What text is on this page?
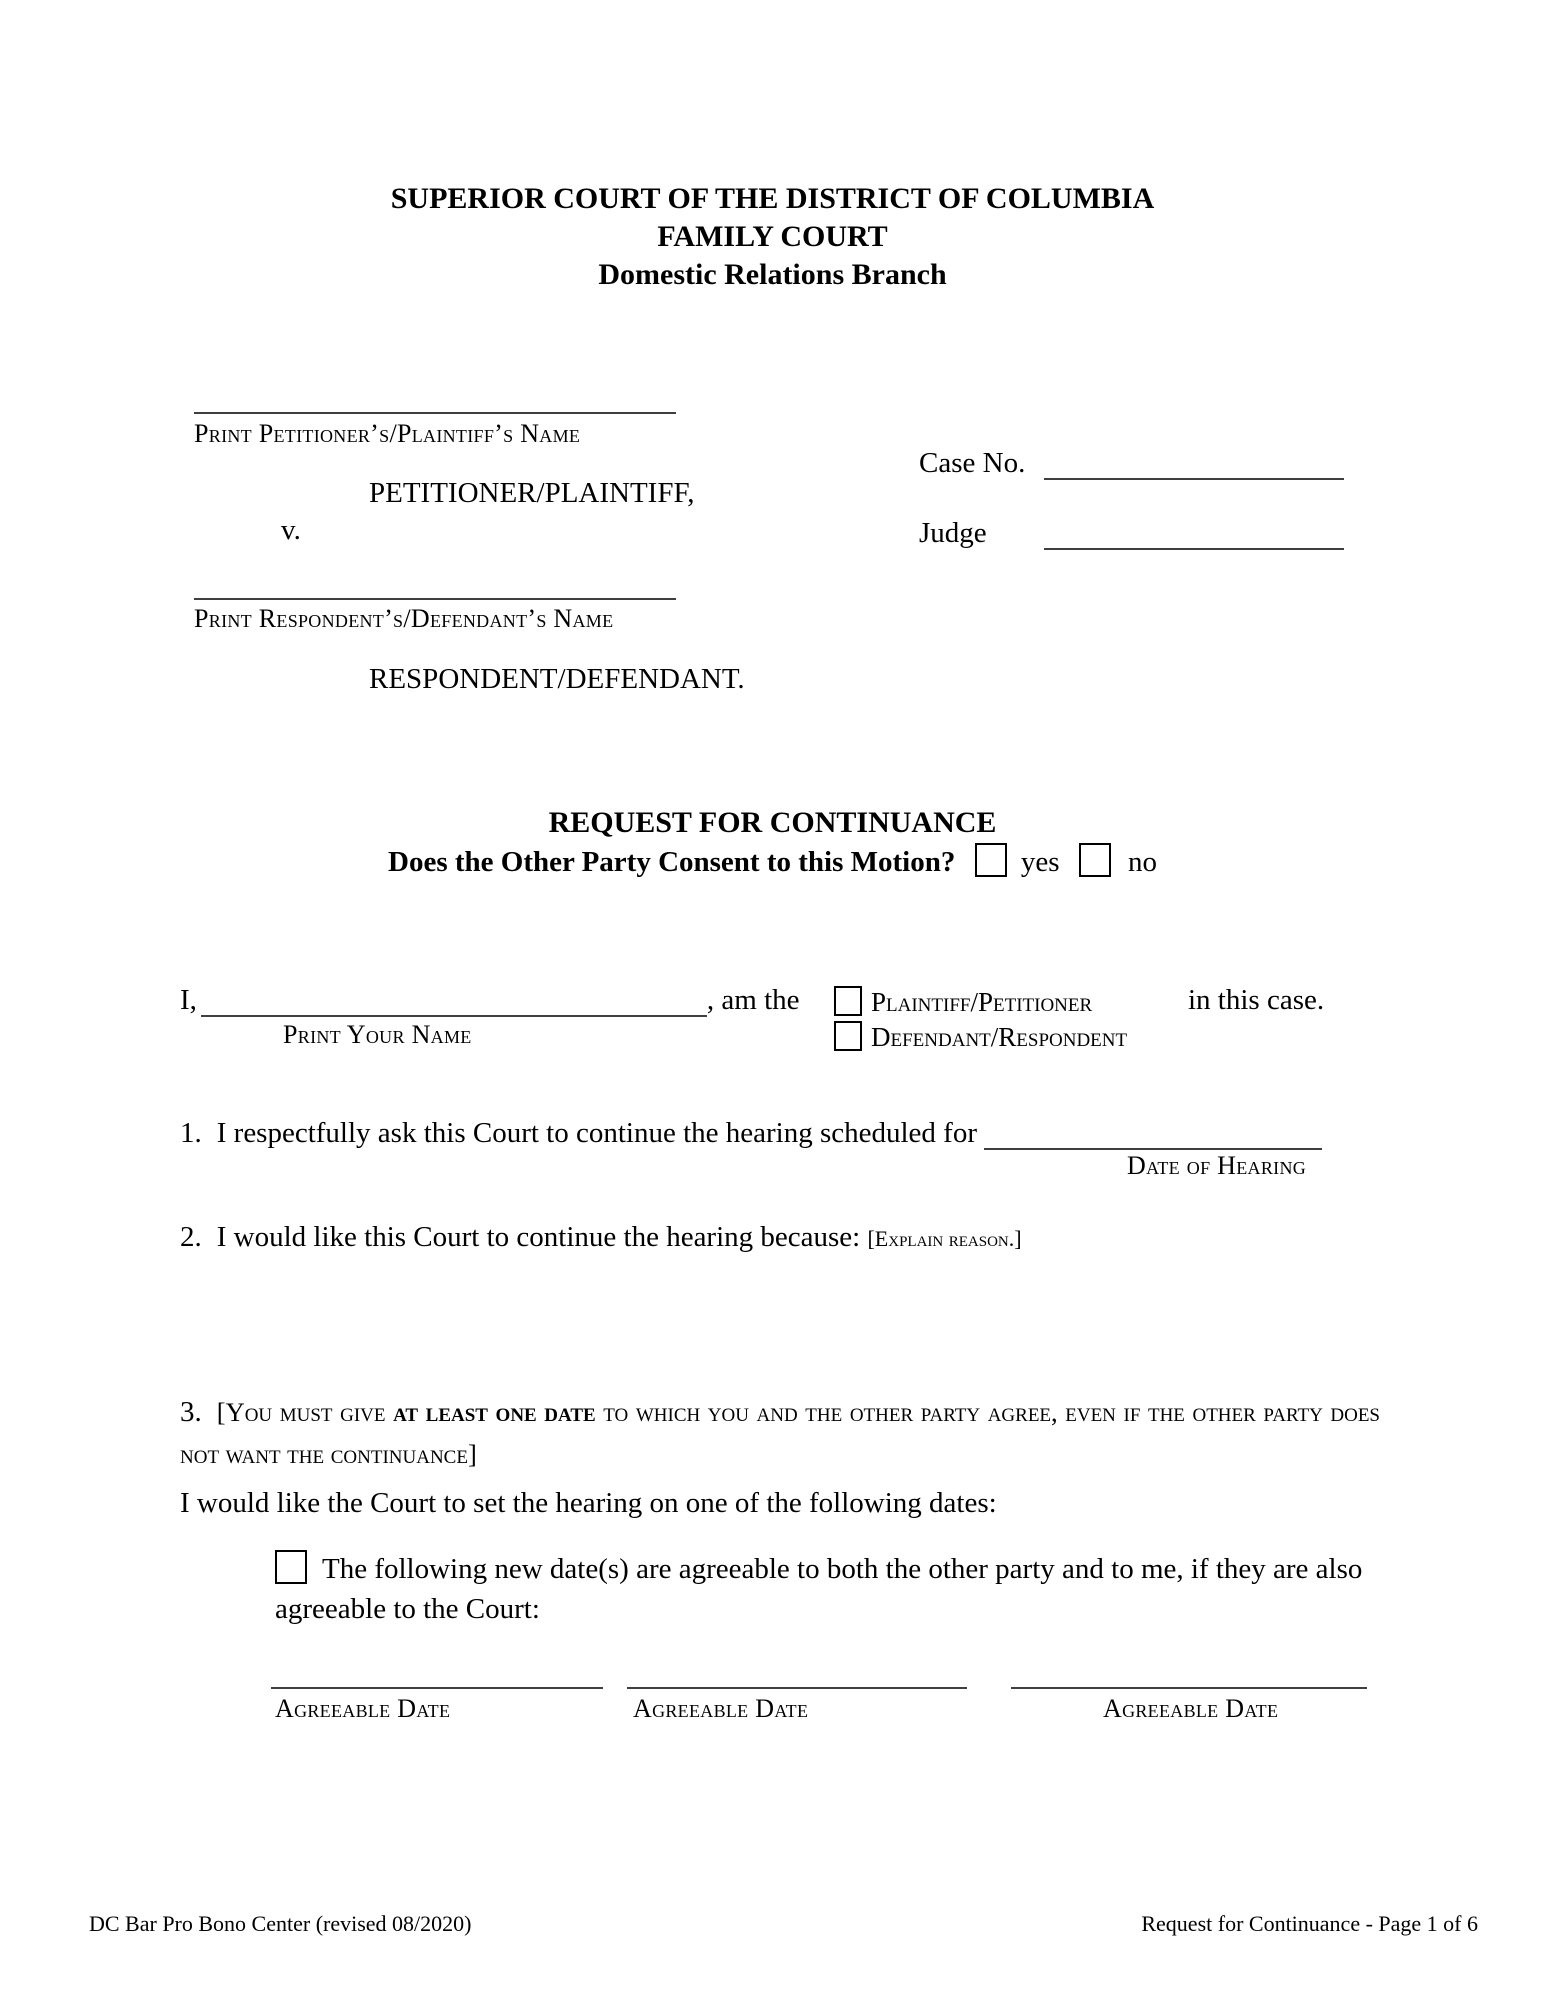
SUPERIOR COURT OF THE DISTRICT OF COLUMBIA
FAMILY COURT
Domestic Relations Branch
Print Petitioner’s/Plaintiff’s Name
PETITIONER/PLAINTIFF,
v.
Case No.
Judge
Print Respondent’s/Defendant’s Name
RESPONDENT/DEFENDANT.
REQUEST FOR CONTINUANCE
Does the Other Party Consent to this Motion? yes no
I,	, am the
Print Your Name
Plaintiff/Petitioner
Defendant/Respondent
in this case.
1. I respectfully ask this Court to continue the hearing scheduled for
Date of Hearing
2. I would like this Court to continue the hearing because: [Explain reason.]
3. [You must give at least one date to which you and the other party agree, even if the other party does not want the continuance]
I would like the Court to set the hearing on one of the following dates:
The following new date(s) are agreeable to both the other party and to me, if they are also agreeable to the Court:
Agreeable Date	Agreeable Date	Agreeable Date
DC Bar Pro Bono Center (revised 08/2020)	Request for Continuance - Page 1 of 6
